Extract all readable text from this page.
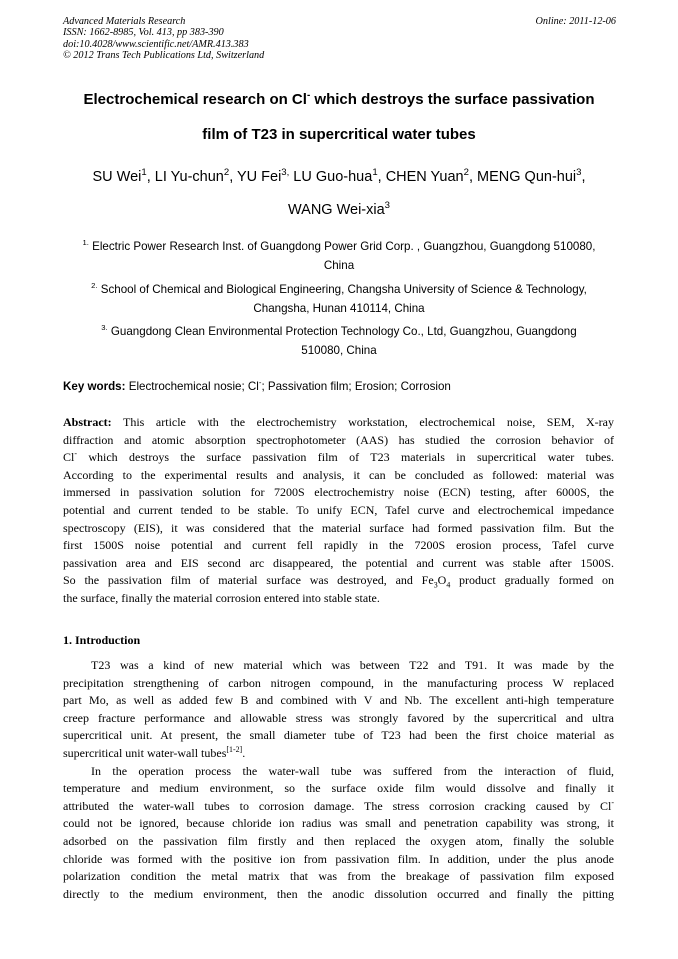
Advanced Materials Research
ISSN: 1662-8985, Vol. 413, pp 383-390
doi:10.4028/www.scientific.net/AMR.413.383
© 2012 Trans Tech Publications Ltd, Switzerland
Online: 2011-12-06
Electrochemical research on Cl- which destroys the surface passivation
film of T23 in supercritical water tubes
SU Wei$^1$, LI Yu-chun$^2$, YU Fei$^{3,}$ LU Guo-hua$^1$, CHEN Yuan$^2$, MENG Qun-hui$^3$,
WANG Wei-xia$^3$
$^{1.}$ Electric Power Research Inst. of Guangdong Power Grid Corp. , Guangzhou, Guangdong 510080,
China
$^{2.}$ School of Chemical and Biological Engineering, Changsha University of Science & Technology,
Changsha, Hunan 410114, China
$^{3.}$ Guangdong Clean Environmental Protection Technology Co., Ltd, Guangzhou, Guangdong
510080, China
Key words: Electrochemical nosie; Cl-; Passivation film; Erosion; Corrosion
Abstract: This article with the electrochemistry workstation, electrochemical noise, SEM, X-ray
diffraction and atomic absorption spectrophotometer (AAS) has studied the corrosion behavior of
Cl- which destroys the surface passivation film of T23 materials in supercritical water tubes.
According to the experimental results and analysis, it can be concluded as followed: material was
immersed in passivation solution for 7200S electrochemistry noise (ECN) testing, after 6000S, the
potential and current tended to be stable. To unify ECN, Tafel curve and electrochemical impedance
spectroscopy (EIS), it was considered that the material surface had formed passivation film. But the
first 1500S noise potential and current fell rapidly in the 7200S erosion process, Tafel curve
passivation area and EIS second arc disappeared, the potential and current was stable after 1500S.
So the passivation film of material surface was destroyed, and $Fe_3O_4$ product gradually formed on
the surface, finally the material corrosion entered into stable state.
1. Introduction
T23 was a kind of new material which was between T22 and T91. It was made by the
precipitation strengthening of carbon nitrogen compound, in the manufacturing process W replaced
part Mo, as well as added few B and combined with V and Nb. The excellent anti-high temperature
creep fracture performance and allowable stress was strongly favored by the supercritical and ultra
supercritical unit. At present, the small diameter tube of T23 had been the first choice material as
supercritical unit water-wall tubes[1-2].
In the operation process the water-wall tube was suffered from the interaction of fluid,
temperature and medium environment, so the surface oxide film would dissolve and finally it
attributed the water-wall tubes to corrosion damage. The stress corrosion cracking caused by Cl-
could not be ignored, because chloride ion radius was small and penetration capability was strong, it
adsorbed on the passivation film firstly and then replaced the oxygen atom, finally the soluble
chloride was formed with the positive ion from passivation film. In addition, under the plus anode
polarization condition the metal matrix that was from the breakage of passivation film exposed
directly to the medium environment, then the anodic dissolution occurred and finally the pitting
